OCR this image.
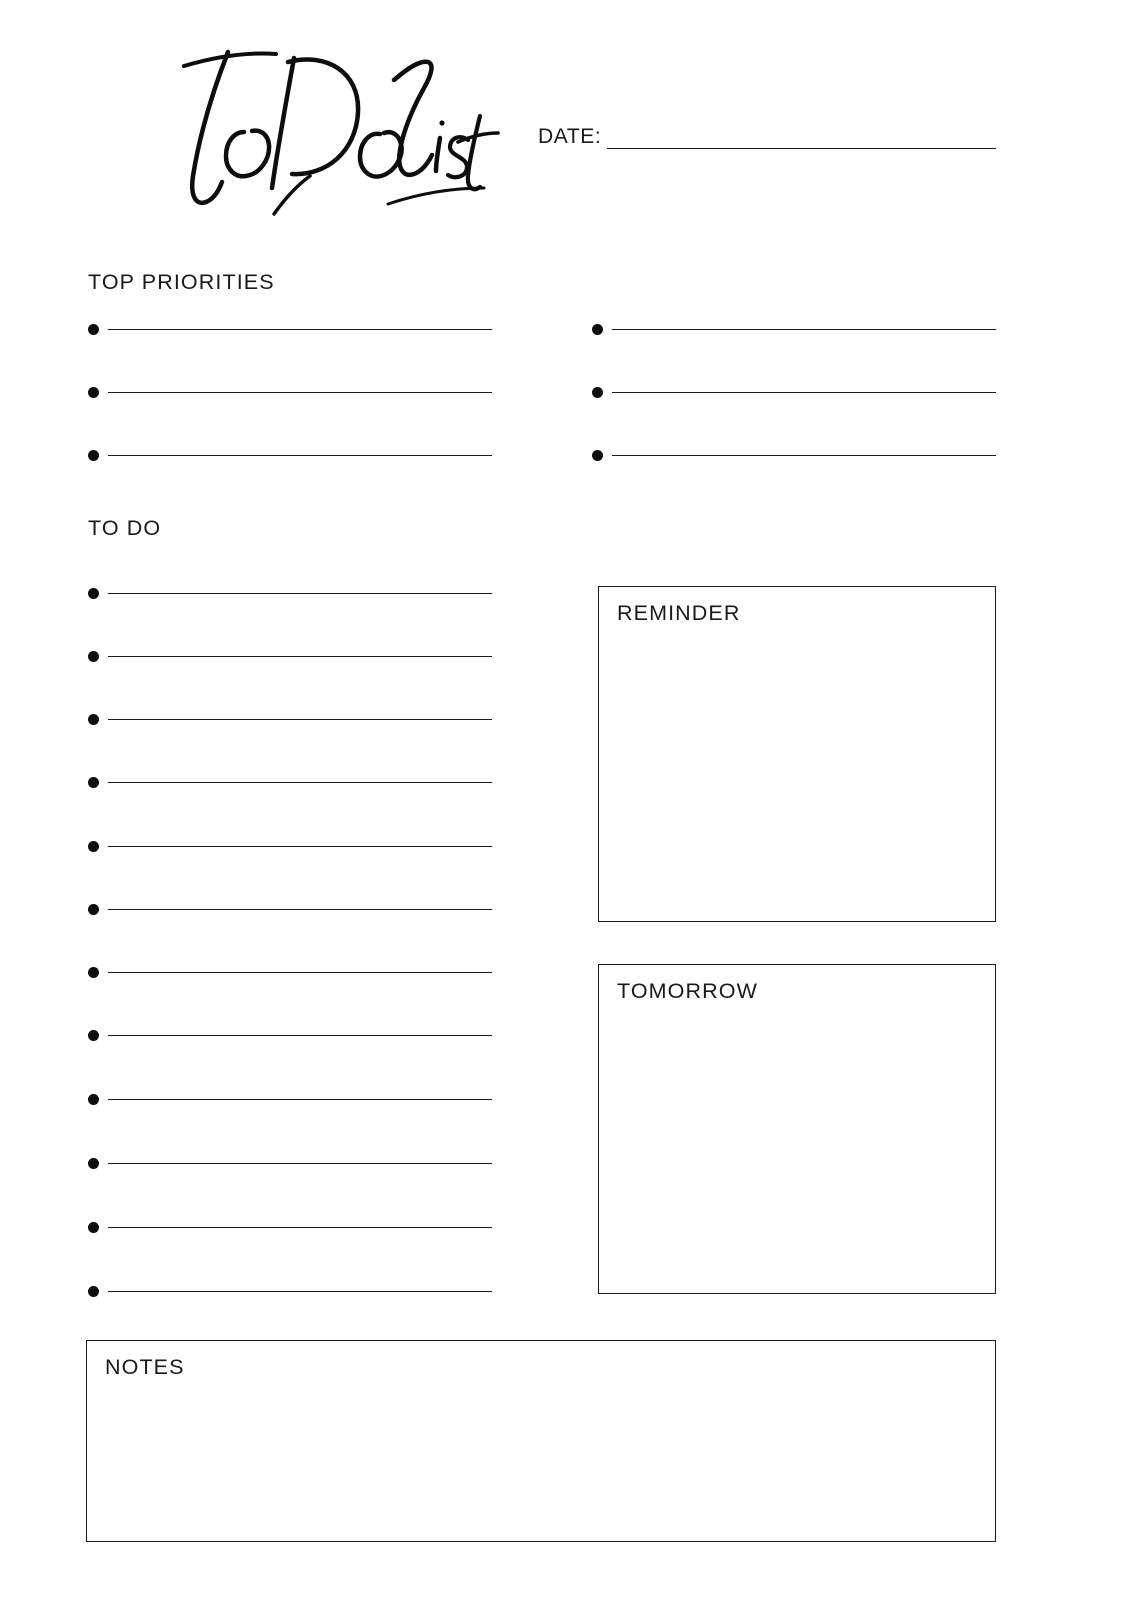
DATE:
TOP PRIORITIES
TO DO
REMINDER
TOMORROW
NOTES
